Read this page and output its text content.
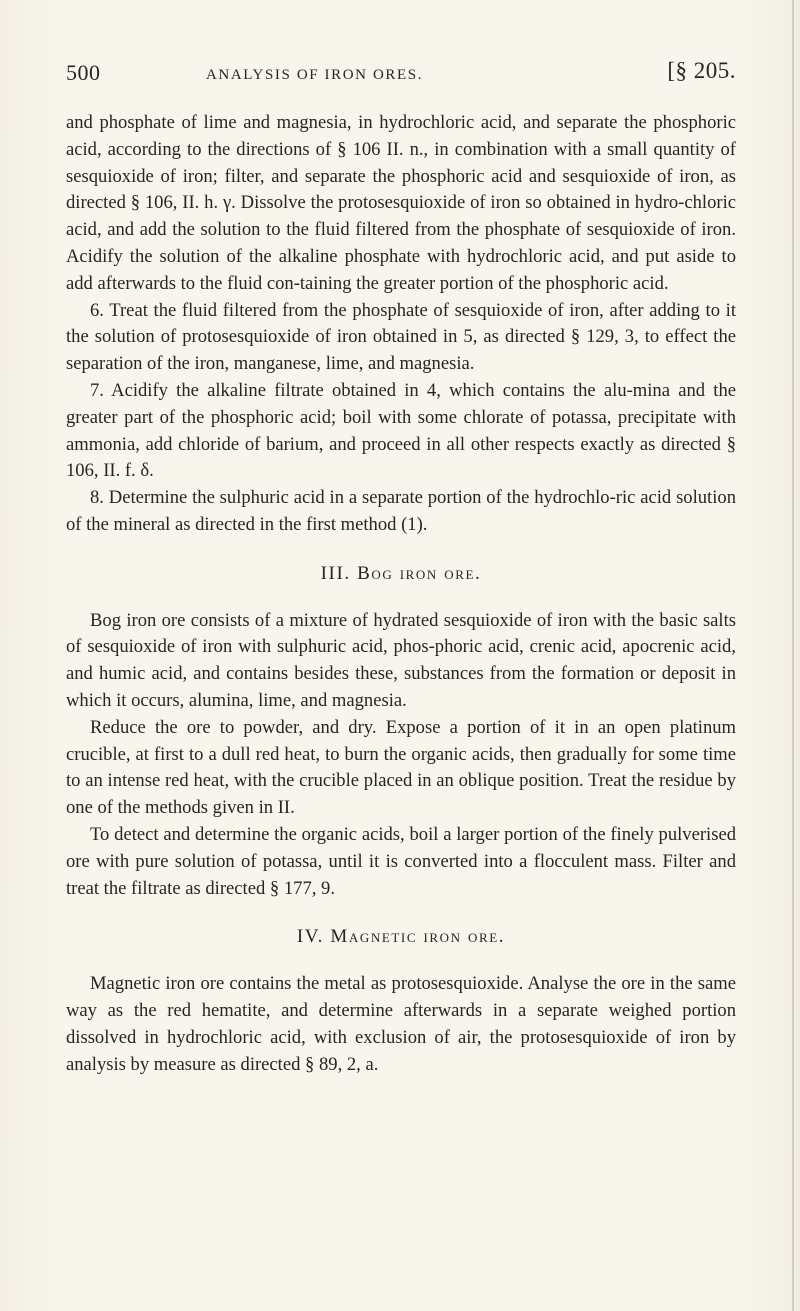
500	ANALYSIS OF IRON ORES.	[§ 205.

and phosphate of lime and magnesia, in hydrochloric acid, and separate the phosphoric acid, according to the directions of § 106 II. n., in combination with a small quantity of sesquioxide of iron; filter, and separate the phosphoric acid and sesquioxide of iron, as directed § 106, II. h. γ. Dissolve the protosesquioxide of iron so obtained in hydro-chloric acid, and add the solution to the fluid filtered from the phosphate of sesquioxide of iron. Acidify the solution of the alkaline phosphate with hydrochloric acid, and put aside to add afterwards to the fluid con-taining the greater portion of the phosphoric acid.

6. Treat the fluid filtered from the phosphate of sesquioxide of iron, after adding to it the solution of protosesquioxide of iron obtained in 5, as directed § 129, 3, to effect the separation of the iron, manganese, lime, and magnesia.

7. Acidify the alkaline filtrate obtained in 4, which contains the alu-mina and the greater part of the phosphoric acid; boil with some chlorate of potassa, precipitate with ammonia, add chloride of barium, and proceed in all other respects exactly as directed § 106, II. f. δ.

8. Determine the sulphuric acid in a separate portion of the hydrochlo-ric acid solution of the mineral as directed in the first method (1).

III. Bog iron ore.

Bog iron ore consists of a mixture of hydrated sesquioxide of iron with the basic salts of sesquioxide of iron with sulphuric acid, phos-phoric acid, crenic acid, apocrenic acid, and humic acid, and contains besides these, substances from the formation or deposit in which it occurs, alumina, lime, and magnesia.

Reduce the ore to powder, and dry. Expose a portion of it in an open platinum crucible, at first to a dull red heat, to burn the organic acids, then gradually for some time to an intense red heat, with the crucible placed in an oblique position. Treat the residue by one of the methods given in II.

To detect and determine the organic acids, boil a larger portion of the finely pulverised ore with pure solution of potassa, until it is converted into a flocculent mass. Filter and treat the filtrate as directed § 177, 9.

IV. Magnetic iron ore.

Magnetic iron ore contains the metal as protosesquioxide. Analyse the ore in the same way as the red hematite, and determine afterwards in a separate weighed portion dissolved in hydrochloric acid, with exclusion of air, the protosesquioxide of iron by analysis by measure as directed § 89, 2, a.
